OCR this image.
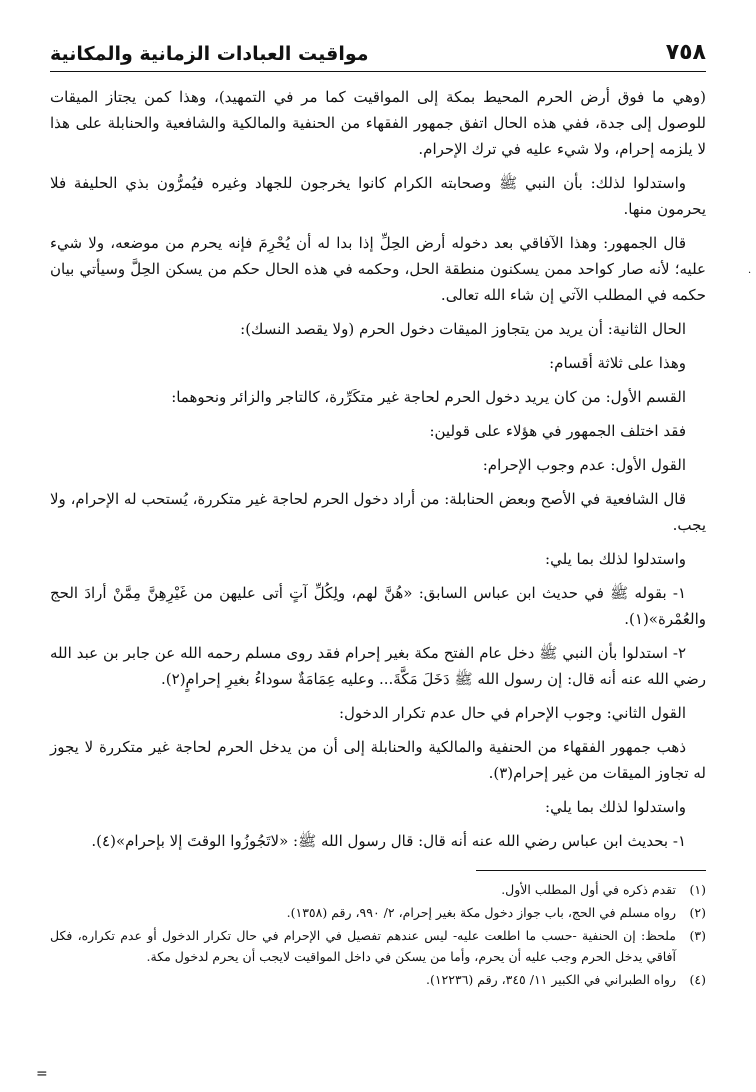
٧٥٨
مواقيت العبادات الزمانية والمكانية

(وهي ما فوق أرض الحرم المحيط بمكة إلى المواقيت كما مر في التمهيد)، وهذا كمن يجتاز الميقات للوصول إلى جدة، ففي هذه الحال اتفق جمهور الفقهاء من الحنفية والمالكية والشافعية والحنابلة على هذا لا يلزمه إحرام، ولا شيء عليه في ترك الإحرام.

واستدلوا لذلك: بأن النبي ﷺ وصحابته الكرام كانوا يخرجون للجهاد وغيره فيُمرُّون بذي الحليفة فلا يحرمون منها.

قال الجمهور: وهذا الآفاقي بعد دخوله أرض الحِلِّ إذا بدا له أن يُحْرِمَ فإنه يحرم من موضعه، ولا شيء عليه؛ لأنه صار كواحد ممن يسكنون منطقة الحل، وحكمه في هذه الحال حكم من يسكن الحِلَّ وسيأتي بيان حكمه في المطلب الآتي إن شاء الله تعالى.

الحال الثانية: أن يريد من يتجاوز الميقات دخول الحرم (ولا يقصد النسك):

وهذا على ثلاثة أقسام:

القسم الأول: من كان يريد دخول الحرم لحاجة غير متكَرِّرة، كالتاجر والزائر ونحوهما:

فقد اختلف الجمهور في هؤلاء على قولين:

القول الأول: عدم وجوب الإحرام:

قال الشافعية في الأصح وبعض الحنابلة: من أراد دخول الحرم لحاجة غير متكررة، يُستحب له الإحرام، ولا يجب.

واستدلوا لذلك بما يلي:

١- بقوله ﷺ في حديث ابن عباس السابق: «هُنَّ لهم، ولِكُلِّ آتٍ أتى عليهن من غَيْرِهِنَّ مِمَّنْ أرادَ الحج والعُمْرة»(١).

٢- استدلوا بأن النبي ﷺ دخل عام الفتح مكة بغير إحرام فقد روى مسلم رحمه الله عن جابر بن عبد الله رضي الله عنه أنه قال: إن رسول الله ﷺ دَخَلَ مَكَّةَ... وعليه عِمَامَةٌ سوداءُ بغيرِ إحرامٍ(٢).

القول الثاني: وجوب الإحرام في حال عدم تكرار الدخول:

ذهب جمهور الفقهاء من الحنفية والمالكية والحنابلة إلى أن من يدخل الحرم لحاجة غير متكررة لا يجوز له تجاوز الميقات من غير إحرام(٣).

واستدلوا لذلك بما يلي:

١- بحديث ابن عباس رضي الله عنه أنه قال: قال رسول الله ﷺ: «لاتَجُوزُوا الوقتَ إلا بإحرام»(٤).

(١)
تقدم ذكره في أول المطلب الأول.
(٢)
رواه مسلم في الحج، باب جواز دخول مكة بغير إحرام، ٢/ ٩٩٠، رقم (١٣٥٨).
(٣)
ملحظ: إن الحنفية -حسب ما اطلعت عليه- ليس عندهم تفصيل في الإحرام في حال تكرار الدخول أو عدم تكراره، فكل آفاقي يدخل الحرم وجب عليه أن يحرم، وأما من يسكن في داخل المواقيت لايجب أن يحرم لدخول مكة.
(٤)
رواه الطبراني في الكبير ١١/ ٣٤٥، رقم (١٢٢٣٦).
·
=
